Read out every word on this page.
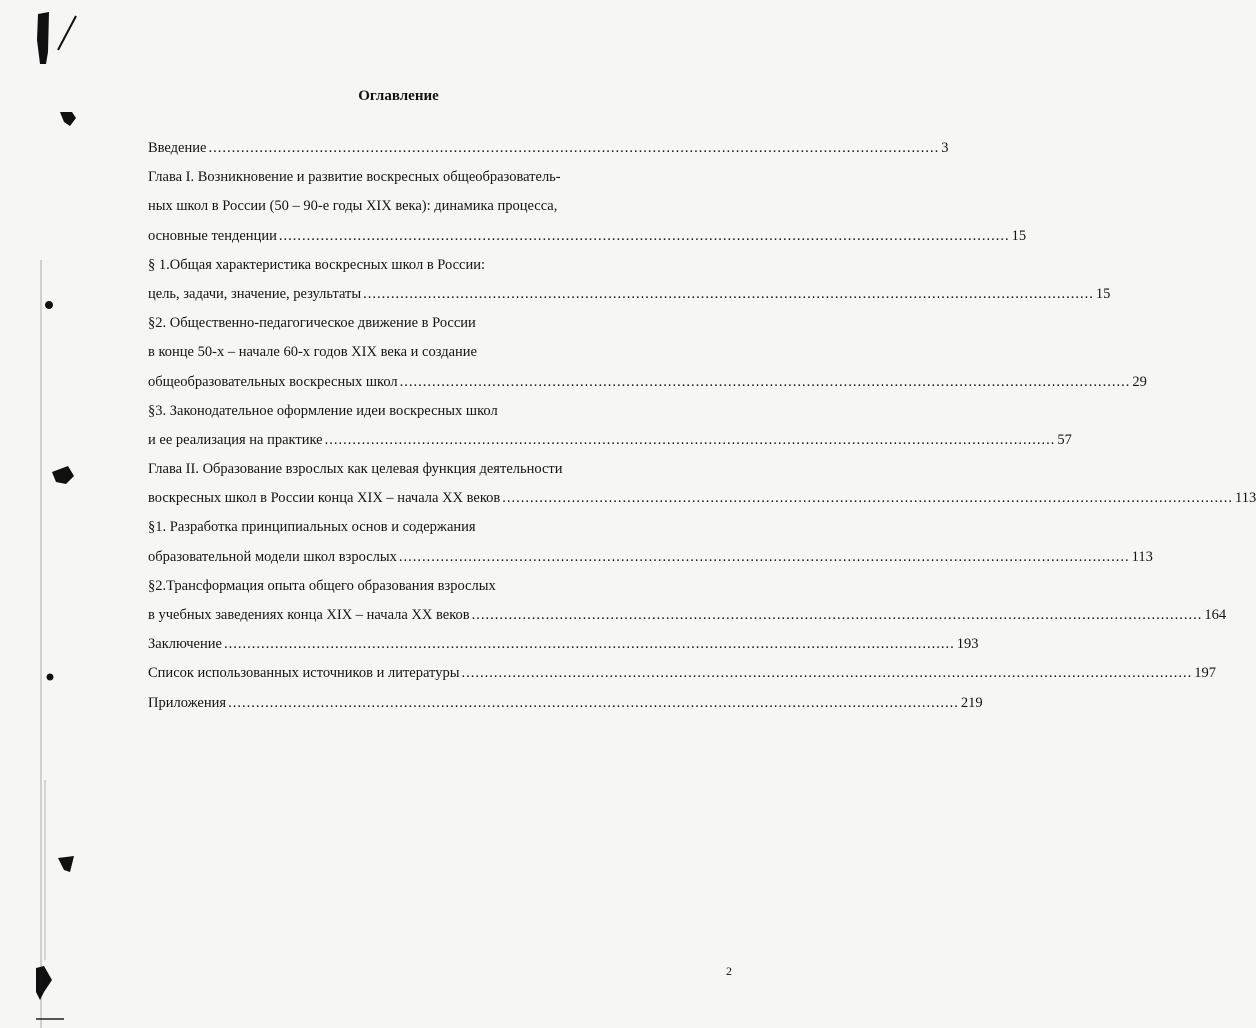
Оглавление
Введение .....	3
Глава I. Возникновение и развитие воскресных общеобразователь-
ных школ в России (50 – 90-е годы XIX века): динамика процесса,
основные тенденции .....	15
§ 1.Общая характеристика воскресных школ в России:
цель, задачи, значение, результаты .....	15
§2. Общественно-педагогическое движение в России
в конце 50-х – начале 60-х годов XIX века и создание
общеобразовательных воскресных школ .....	29
§3. Законодательное оформление идеи воскресных школ
и ее реализация на практике .....	57
Глава II. Образование взрослых как целевая функция деятельности
воскресных школ в России конца XIX – начала XX веков .....	113
§1. Разработка принципиальных основ и содержания
образовательной модели школ взрослых .....	113
§2.Трансформация опыта общего образования взрослых
в учебных заведениях конца XIX – начала XX веков .....	164
Заключение .....	193
Список использованных источников и литературы .....	197
Приложения .....	219
2
